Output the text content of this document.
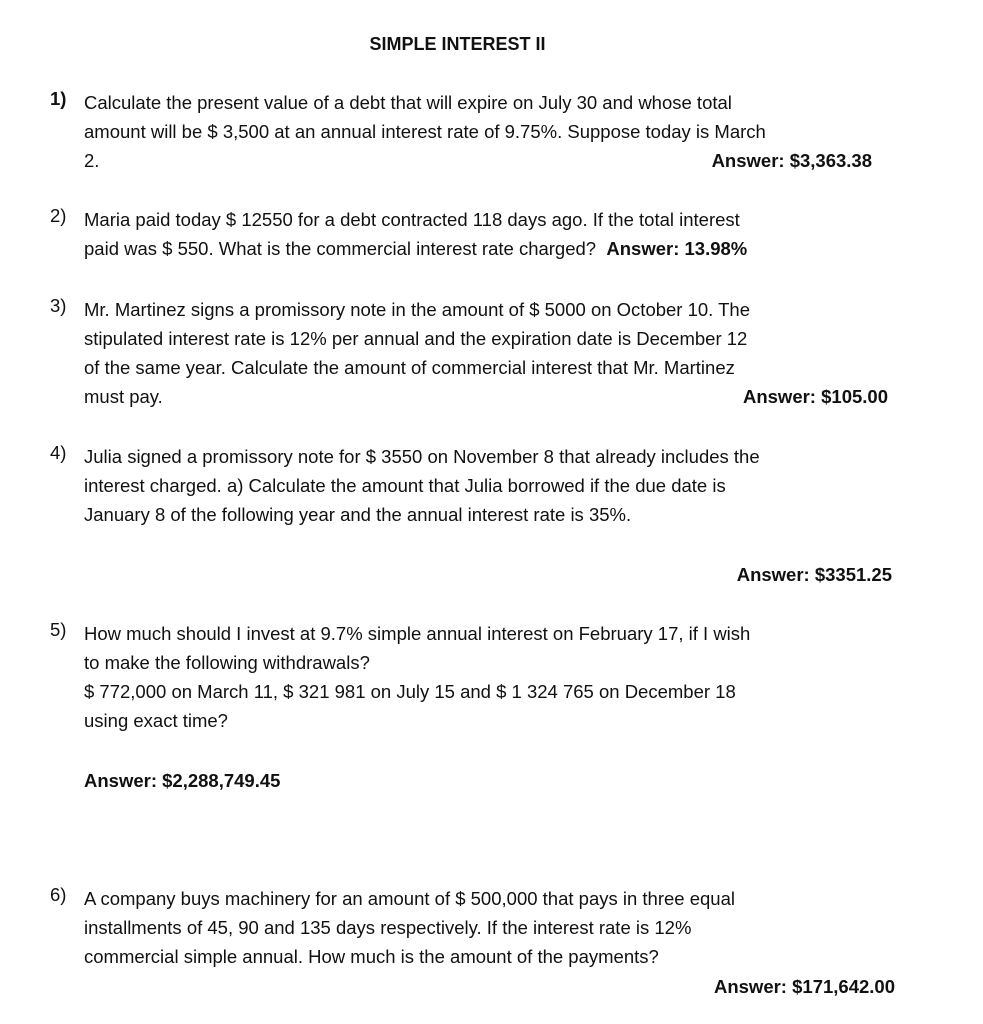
SIMPLE INTEREST II
1) Calculate the present value of a debt that will expire on July 30 and whose total
amount will be $ 3,500 at an annual interest rate of 9.75%. Suppose today is March
2.	Answer: $3,363.38
2) Maria paid today $ 12550 for a debt contracted 118 days ago. If the total interest
paid was $ 550. What is the commercial interest rate charged? Answer: 13.98%
3) Mr. Martinez signs a promissory note in the amount of $ 5000 on October 10. The
stipulated interest rate is 12% per annual and the expiration date is December 12
of the same year. Calculate the amount of commercial interest that Mr. Martinez
must pay.	Answer: $105.00
4) Julia signed a promissory note for $ 3550 on November 8 that already includes the
interest charged. a) Calculate the amount that Julia borrowed if the due date is
January 8 of the following year and the annual interest rate is 35%.
Answer: $3351.25
5) How much should I invest at 9.7% simple annual interest on February 17, if I wish
to make the following withdrawals?
$ 772,000 on March 11, $ 321 981 on July 15 and $ 1 324 765 on December 18
using exact time?
Answer: $2,288,749.45
6) A company buys machinery for an amount of $ 500,000 that pays in three equal
installments of 45, 90 and 135 days respectively. If the interest rate is 12%
commercial simple annual. How much is the amount of the payments?
Answer: $171,642.00
